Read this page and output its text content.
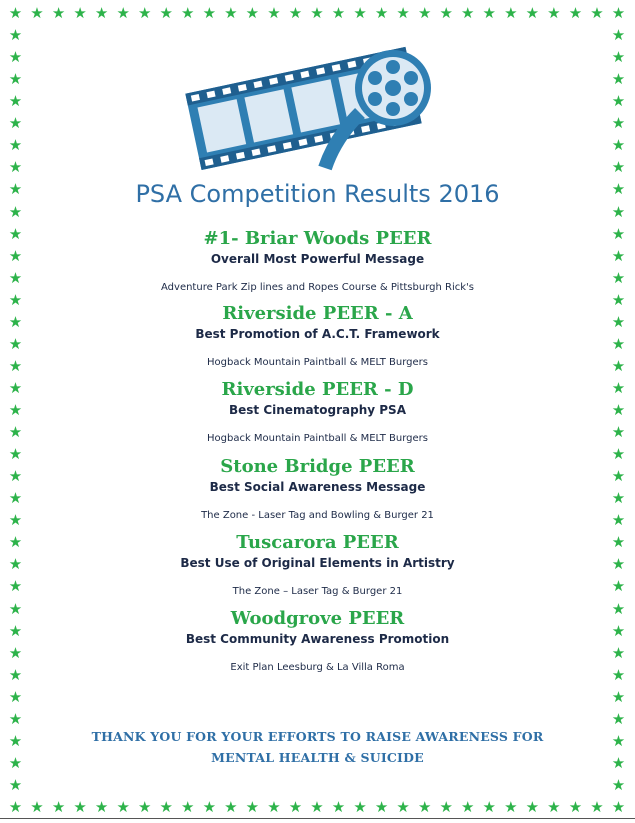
★
★
★
★
★
★
★
★
★
★
★
★
★
★
★
★
★
★
★
★
★
★
★
★
★
★
★
★
★
★
★
★
★
★
★
★
★
★
★
★
★
★
★
★
★
★
★
★
★
★
★
★
★
★
★
★
★
★
★	★
★	★
★	★
★	★
★	★
★	★
★	★
★	★
★	★
★	★
★	★
★	★
★	★
★	★
★	★
★	★
★	★
★	★
★	★
★	★
★	★
★	★
★	★
★	★
★	★
★	★
★	★
★	★
★	★
★	★
★	★
★	★
★	★
★	★
★	★
PSA Competition Results 2016
#1- Briar Woods PEER
Overall Most Powerful Message
Adventure Park Zip lines and Ropes Course & Pittsburgh Rick's
Riverside PEER - A
Best Promotion of A.C.T. Framework
Hogback Mountain Paintball & MELT Burgers
Riverside PEER - D
Best Cinematography PSA
Hogback Mountain Paintball & MELT Burgers
Stone Bridge PEER
Best Social Awareness Message
The Zone - Laser Tag and Bowling & Burger 21
Tuscarora PEER
Best Use of Original Elements in Artistry
The Zone – Laser Tag & Burger 21
Woodgrove PEER
Best Community Awareness Promotion
Exit Plan Leesburg & La Villa Roma
THANK YOU FOR YOUR EFFORTS TO RAISE AWARENESS FOR
MENTAL HEALTH & SUICIDE
